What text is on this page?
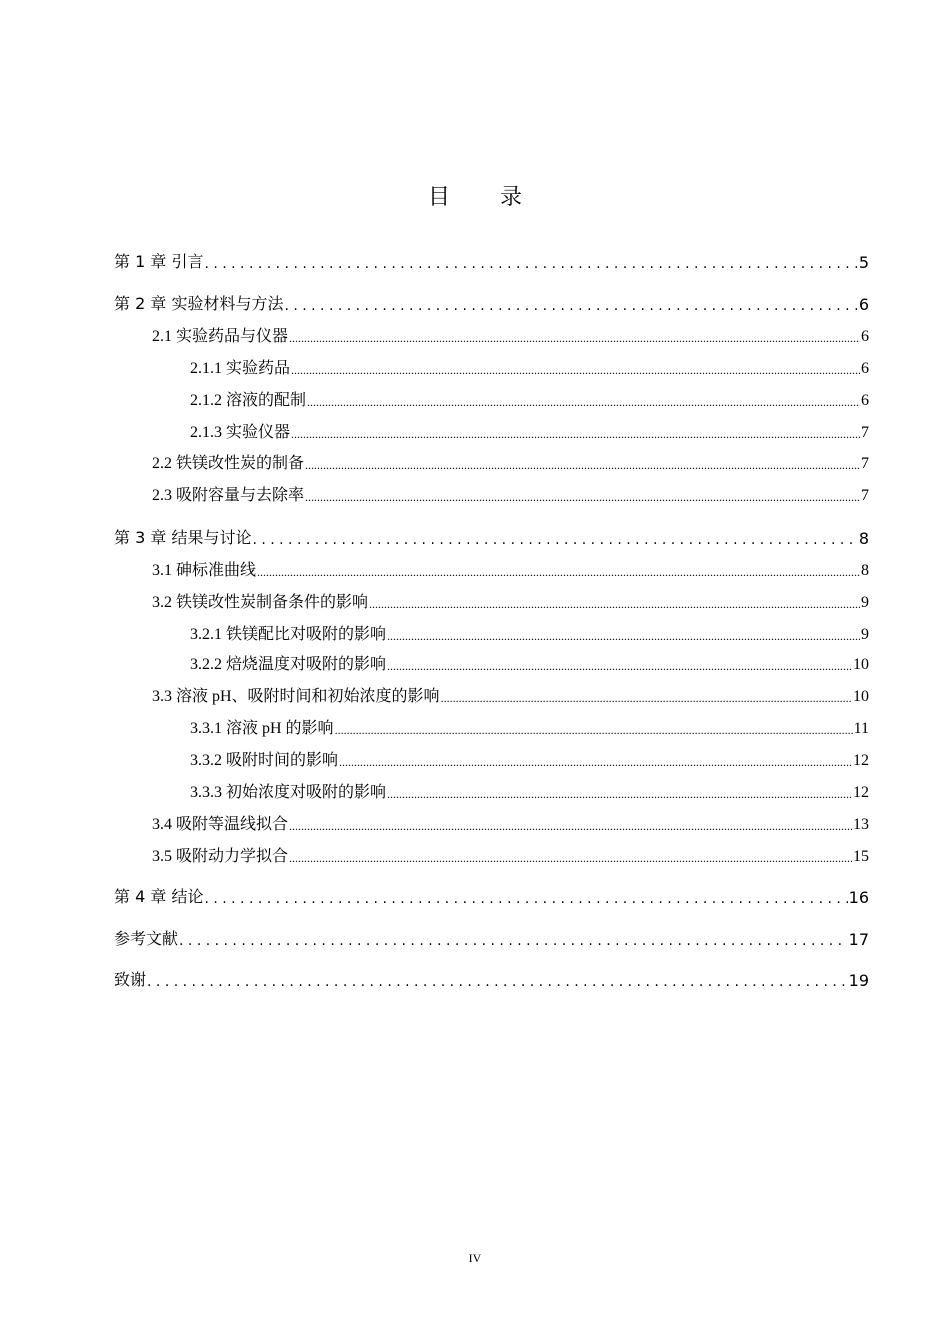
目 录
第 1 章 引言 . . .	5
第 2 章 实验材料与方法 . . .	6
2.1 实验药品与仪器 .....	6
2.1.1 实验药品 .....	6
2.1.2 溶液的配制 .....	6
2.1.3 实验仪器 .....	7
2.2 铁镁改性炭的制备 .....	7
2.3 吸附容量与去除率 .....	7
第 3 章 结果与讨论 . . .	8
3.1 砷标准曲线 .....	8
3.2 铁镁改性炭制备条件的影响 .....	9
3.2.1 铁镁配比对吸附的影响 .....	9
3.2.2 焙烧温度对吸附的影响 .....	10
3.3 溶液 pH、吸附时间和初始浓度的影响 .....	10
3.3.1 溶液 pH 的影响 .....	11
3.3.2 吸附时间的影响 .....	12
3.3.3 初始浓度对吸附的影响 .....	12
3.4 吸附等温线拟合 .....	13
3.5 吸附动力学拟合 .....	15
第 4 章 结论 . . .	16
参考文献 . . .	17
致谢 . . .	19
IV
